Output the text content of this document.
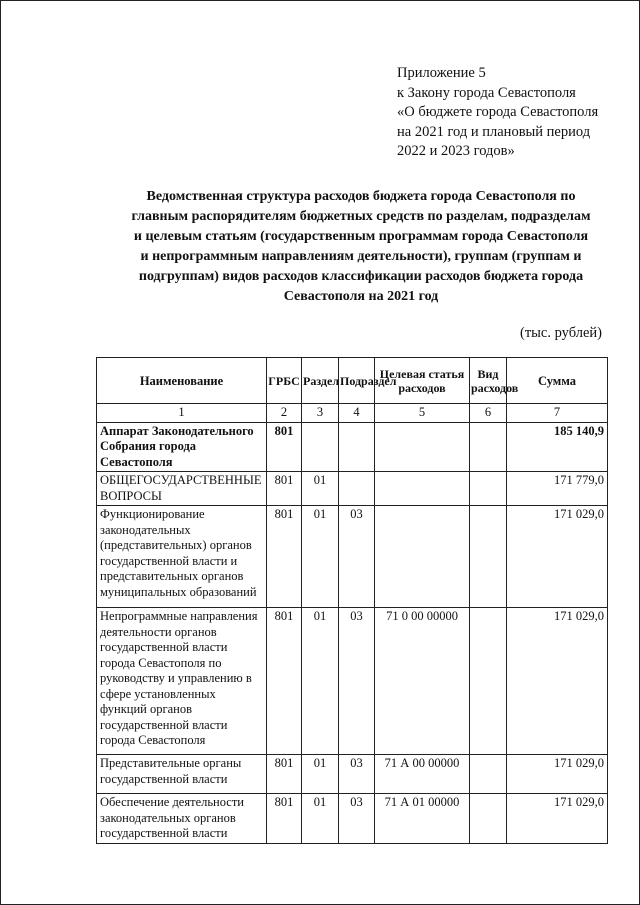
Приложение 5
к Закону города Севастополя
«О бюджете города Севастополя
на 2021 год и плановый период
2022 и 2023 годов»
Ведомственная структура расходов бюджета города Севастополя по
главным распорядителям бюджетных средств по разделам, подразделам
и целевым статьям (государственным программам города Севастополя
и непрограммным направлениям деятельности), группам (группам и
подгруппам) видов расходов классификации расходов бюджета города
Севастополя на 2021 год
(тыс. рублей)
Наименование	ГРБС	Раздел	Подраздел	Целевая статья расходов	Вид расходов	Сумма
1	2	3	4	5	6	7
Аппарат Законодательного Собрания города Севастополя	801					185 140,9
ОБЩЕГОСУДАРСТВЕННЫЕ ВОПРОСЫ	801	01				171 779,0
Функционирование законодательных (представительных) органов государственной власти и представительных органов муниципальных образований	801	01	03			171 029,0
Непрограммные направления деятельности органов государственной власти города Севастополя по руководству и управлению в сфере установленных функций органов государственной власти города Севастополя	801	01	03	71 0 00 00000		171 029,0
Представительные органы государственной власти	801	01	03	71 А 00 00000		171 029,0
Обеспечение деятельности законодательных органов государственной власти	801	01	03	71 А 01 00000		171 029,0
